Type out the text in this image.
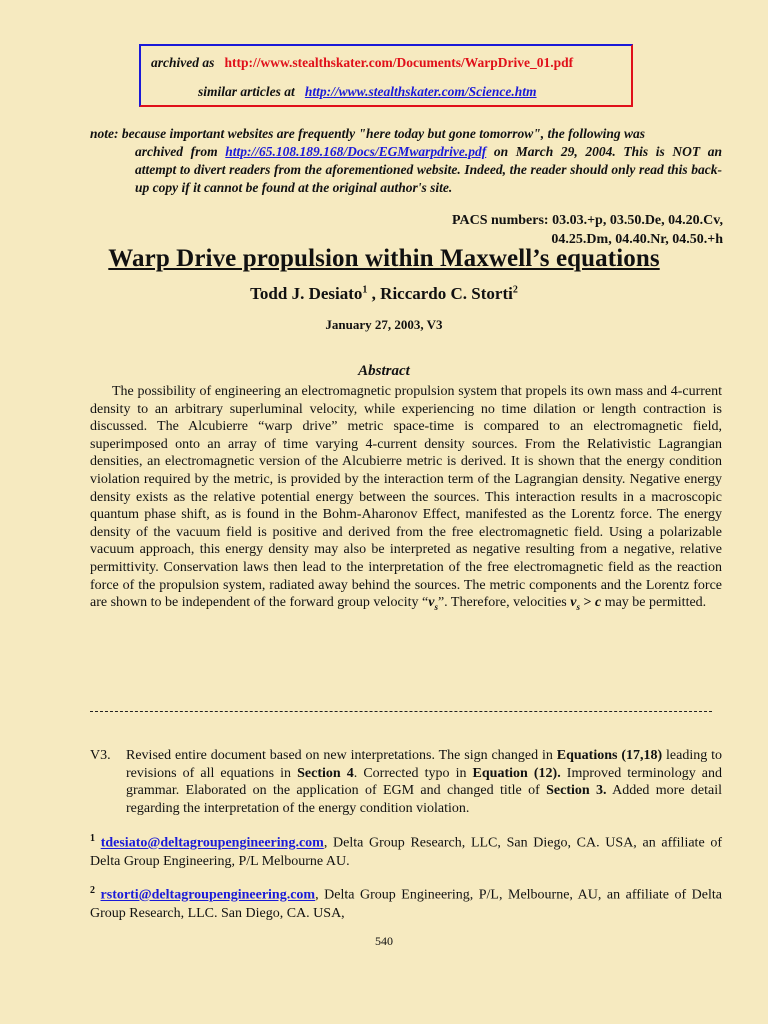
archived as http://www.stealthskater.com/Documents/WarpDrive_01.pdf
similar articles at http://www.stealthskater.com/Science.htm
note: because important websites are frequently "here today but gone tomorrow", the following was
archived from http://65.108.189.168/Docs/EGMwarpdrive.pdf on March 29, 2004. This is NOT an attempt to divert readers from the aforementioned website. Indeed, the reader should only read this back-up copy if it cannot be found at the original author's site.
PACS numbers: 03.03.+p, 03.50.De, 04.20.Cv,
04.25.Dm, 04.40.Nr, 04.50.+h
Warp Drive propulsion within Maxwell’s equations
Todd J. Desiato$^1$ , Riccardo C. Storti$^2$
January 27, 2003, V3
Abstract
The possibility of engineering an electromagnetic propulsion system that propels its own mass and 4-current density to an arbitrary superluminal velocity, while experiencing no time dilation or length contraction is discussed. The Alcubierre “warp drive” metric space-time is compared to an electromagnetic field, superimposed onto an array of time varying 4-current density sources. From the Relativistic Lagrangian densities, an electromagnetic version of the Alcubierre metric is derived. It is shown that the energy condition violation required by the metric, is provided by the interaction term of the Lagrangian density. Negative energy density exists as the relative potential energy between the sources. This interaction results in a macroscopic quantum phase shift, as is found in the Bohm-Aharonov Effect, manifested as the Lorentz force. The energy density of the vacuum field is positive and derived from the free electromagnetic field. Using a polarizable vacuum approach, this energy density may also be interpreted as negative resulting from a negative, relative permittivity. Conservation laws then lead to the interpretation of the free electromagnetic field as the reaction force of the propulsion system, radiated away behind the sources. The metric components and the Lorentz force are shown to be independent of the forward group velocity “$v_s$”. Therefore, velocities $v_s > c$ may be permitted.
V3.	Revised entire document based on new interpretations. The sign changed in Equations (17,18) leading to revisions of all equations in Section 4. Corrected typo in Equation (12). Improved terminology and grammar. Elaborated on the application of EGM and changed title of Section 3. Added more detail regarding the interpretation of the energy condition violation.
$^1$ tdesiato@deltagroupengineering.com, Delta Group Research, LLC, San Diego, CA. USA, an affiliate of Delta Group Engineering, P/L Melbourne AU.
$^2$ rstorti@deltagroupengineering.com, Delta Group Engineering, P/L, Melbourne, AU, an affiliate of Delta Group Research, LLC. San Diego, CA. USA,
540
